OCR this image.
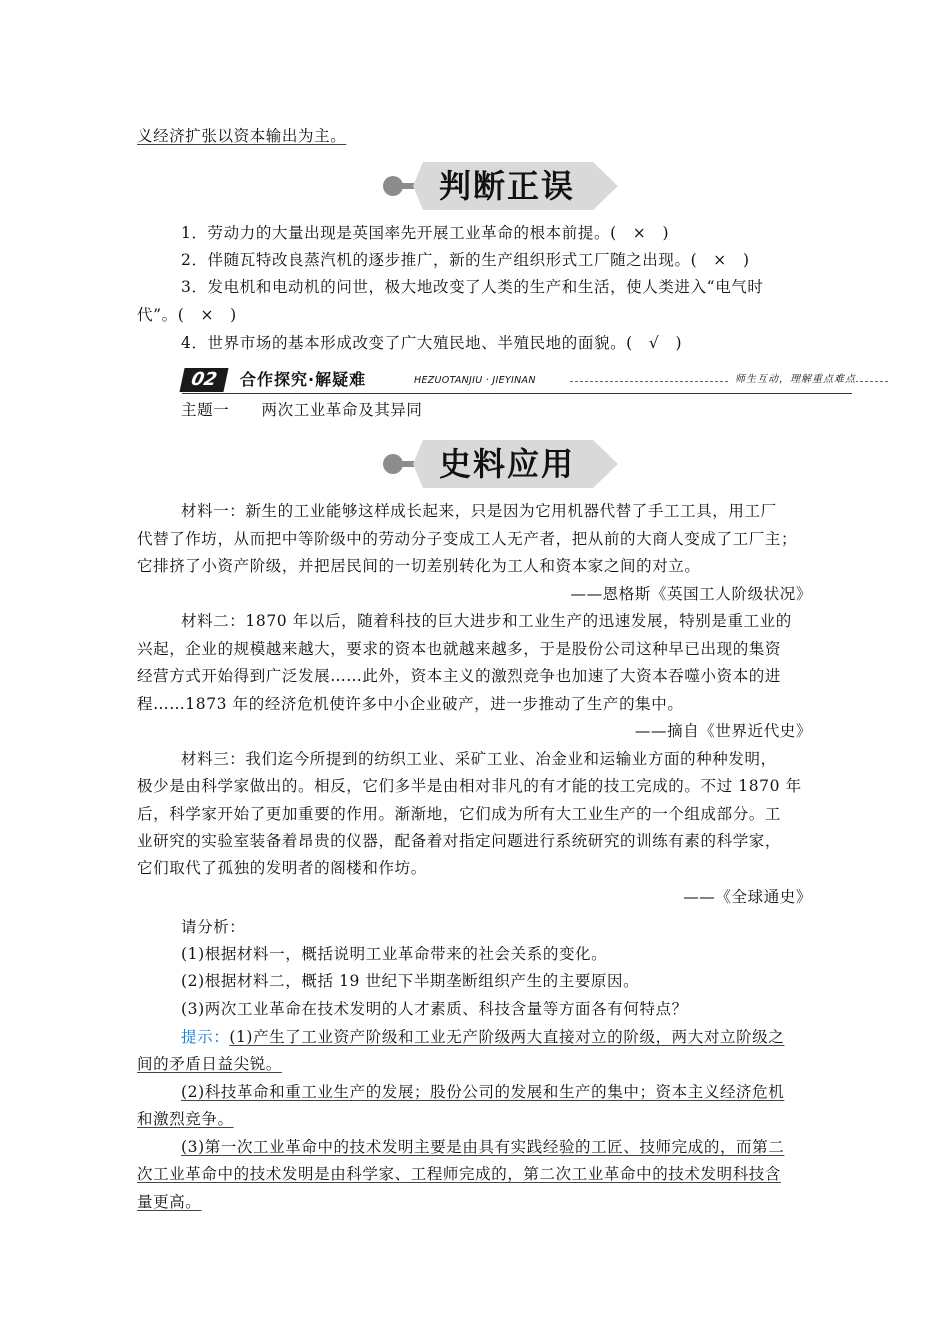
义经济扩张以资本输出为主。
判断正误
1．劳动力的大量出现是英国率先开展工业革命的根本前提。(　×　)
2．伴随瓦特改良蒸汽机的逐步推广，新的生产组织形式工厂随之出现。(　×　)
3．发电机和电动机的问世，极大地改变了人类的生产和生活，使人类进入“电气时
代”。(　×　)
4．世界市场的基本形成改变了广大殖民地、半殖民地的面貌。(　√　)
02	合作探究·解疑难	HEZUOTANJIU · JIEYINAN	师生互动，理解重点难点
主题一　　两次工业革命及其异同
史料应用
材料一：新生的工业能够这样成长起来，只是因为它用机器代替了手工工具，用工厂
代替了作坊，从而把中等阶级中的劳动分子变成工人无产者，把从前的大商人变成了工厂主；
它排挤了小资产阶级，并把居民间的一切差别转化为工人和资本家之间的对立。
——恩格斯《英国工人阶级状况》
材料二：1870 年以后，随着科技的巨大进步和工业生产的迅速发展，特别是重工业的
兴起，企业的规模越来越大，要求的资本也就越来越多，于是股份公司这种早已出现的集资
经营方式开始得到广泛发展……此外，资本主义的激烈竞争也加速了大资本吞噬小资本的进
程……1873 年的经济危机使许多中小企业破产，进一步推动了生产的集中。
——摘自《世界近代史》
材料三：我们迄今所提到的纺织工业、采矿工业、冶金业和运输业方面的种种发明，
极少是由科学家做出的。相反，它们多半是由相对非凡的有才能的技工完成的。不过 1870 年
后，科学家开始了更加重要的作用。渐渐地，它们成为所有大工业生产的一个组成部分。工
业研究的实验室装备着昂贵的仪器，配备着对指定问题进行系统研究的训练有素的科学家，
它们取代了孤独的发明者的阁楼和作坊。
——《全球通史》
请分析：
(1)根据材料一，概括说明工业革命带来的社会关系的变化。
(2)根据材料二，概括 19 世纪下半期垄断组织产生的主要原因。
(3)两次工业革命在技术发明的人才素质、科技含量等方面各有何特点？
提示：(1)产生了工业资产阶级和工业无产阶级两大直接对立的阶级，两大对立阶级之
间的矛盾日益尖锐。
(2)科技革命和重工业生产的发展；股份公司的发展和生产的集中；资本主义经济危机
和激烈竞争。
(3)第一次工业革命中的技术发明主要是由具有实践经验的工匠、技师完成的，而第二
次工业革命中的技术发明是由科学家、工程师完成的，第二次工业革命中的技术发明科技含
量更高。
